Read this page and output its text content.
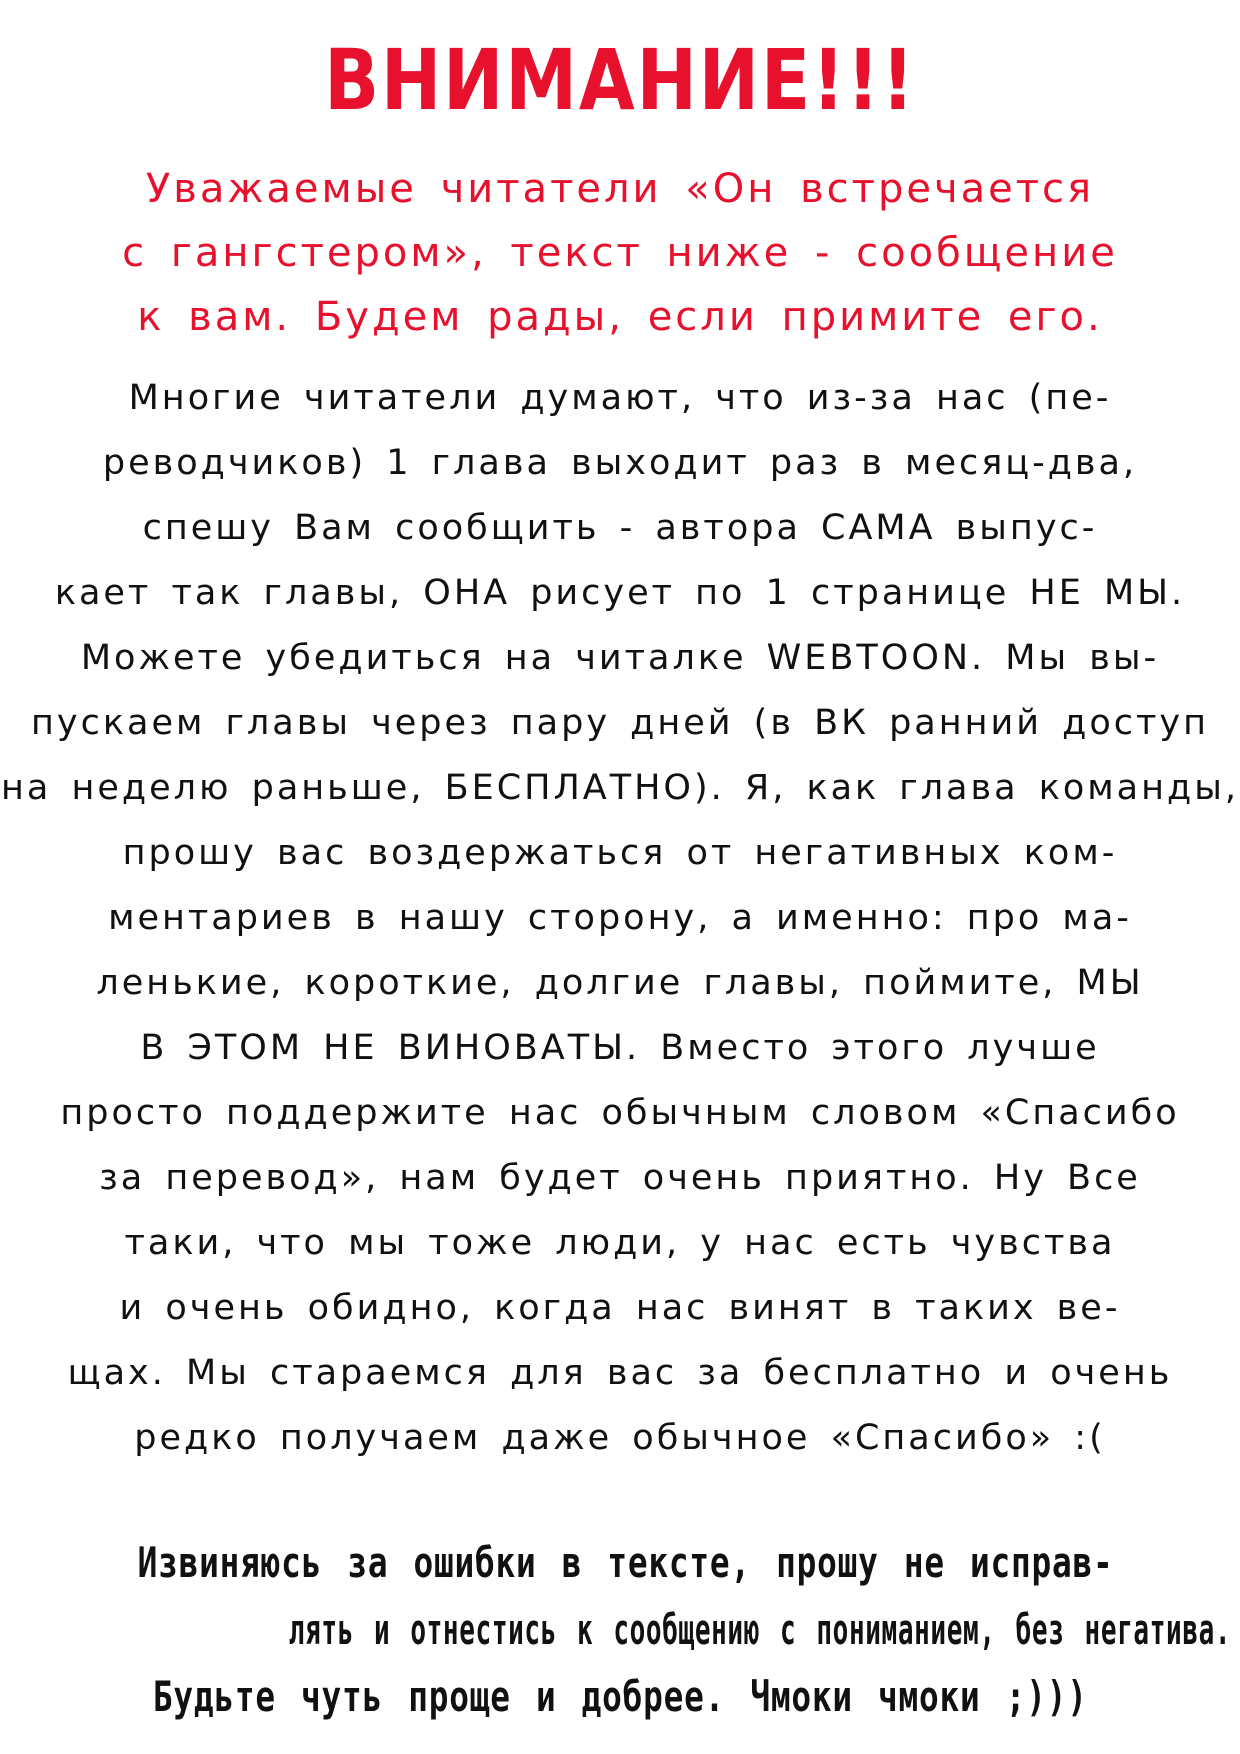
ВНИМАНИЕ!!!
Уважаемые читатели «Он встречается
с гангстером», текст ниже - сообщение
к вам. Будем рады, если примите его.
Многие читатели думают, что из-за нас (пе-
реводчиков) 1 глава выходит раз в месяц-два,
спешу Вам сообщить - автора САМА выпус-
кает так главы, ОНА рисует по 1 странице НЕ МЫ.
Можете убедиться на читалке WEBTOON. Мы вы-
пускаем главы через пару дней (в ВК ранний доступ
на неделю раньше, БЕСПЛАТНО). Я, как глава команды,
прошу вас воздержаться от негативных ком-
ментариев в нашу сторону, а именно: про ма-
ленькие, короткие, долгие главы, поймите, МЫ
В ЭТОМ НЕ ВИНОВАТЫ. Вместо этого лучше
просто поддержите нас обычным словом «Спасибо
за перевод», нам будет очень приятно. Ну Все
таки, что мы тоже люди, у нас есть чувства
и очень обидно, когда нас винят в таких ве-
щах. Мы стараемся для вас за бесплатно и очень
редко получаем даже обычное «Спасибо» :(
Извиняюсь за ошибки в тексте, прошу не исправ-
лять и отнестись к сообщению с пониманием, без негатива.
Будьте чуть проще и добрее. Чмоки чмоки ;)))
